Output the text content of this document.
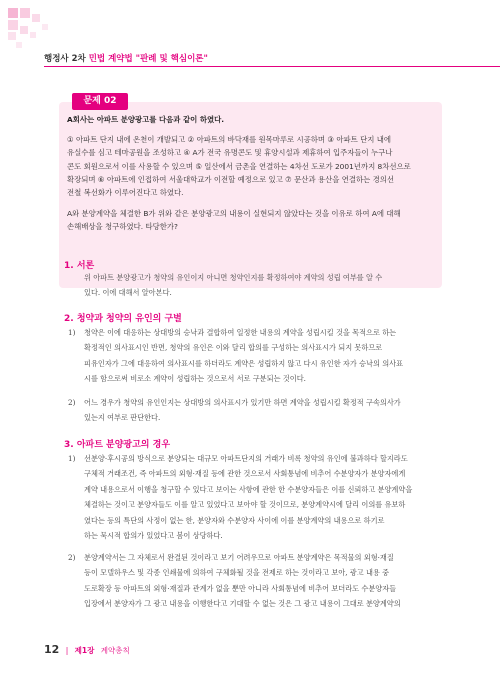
행정사 2차 민법 계약법 "판례 및 핵심이론"
문제 02
A회사는 아파트 분양광고를 다음과 같이 하였다.
① 아파트 단지 내에 온천이 개발되고 ② 아파트의 바닥재를 원목마루로 시공하며 ③ 아파트 단지 내에
유실수를 심고 테마공원을 조성하고 ④ A가 전국 유명콘도 및 휴양시설과 제휴하여 입주자들이 누구나
콘도 회원으로서 이를 사용할 수 있으며 ⑤ 일산에서 금촌을 연결하는 4차선 도로가 2001년까지 8차선으로
확장되며 ⑥ 아파트에 인접하여 서울대학교가 이전할 예정으로 있고 ⑦ 문산과 용산을 연결하는 경의선
전철 복선화가 이루어진다고 하였다.
A와 분양계약을 체결한 B가 위와 같은 분양광고의 내용이 실현되지 않았다는 것을 이유로 하여 A에 대해
손해배상을 청구하였다. 타당한가?
1. 서론
위 아파트 분양광고가 청약의 유인이지 아니면 청약인지를 확정하여야 계약의 성립 여부를 알 수
있다. 이에 대해서 알아본다.
2. 청약과 청약의 유인의 구별
1) 청약은 이에 대응하는 상대방의 승낙과 결합하여 일정한 내용의 계약을 성립시킬 것을 목적으로 하는
확정적인 의사표시인 반면, 청약의 유인은 이와 달리 합의를 구성하는 의사표시가 되지 못하므로
피유인자가 그에 대응하여 의사표시를 하더라도 계약은 성립하지 않고 다시 유인한 자가 승낙의 의사표
시를 함으로써 비로소 계약이 성립하는 것으로서 서로 구분되는 것이다.
2) 어느 경우가 청약의 유인인지는 상대방의 의사표시가 있기만 하면 계약을 성립시킬 확정적 구속의사가
있는지 여부로 판단한다.
3. 아파트 분양광고의 경우
1) 선분양·후시공의 방식으로 분양되는 대규모 아파트단지의 거래가 비록 청약의 유인에 불과하다 할지라도
구체적 거래조건, 즉 아파트의 외형·재질 등에 관한 것으로서 사회통념에 비추어 수분양자가 분양자에게
계약 내용으로서 이행을 청구할 수 있다고 보이는 사항에 관한 한 수분양자들은 이를 신뢰하고 분양계약을
체결하는 것이고 분양자들도 이를 알고 있었다고 보아야 할 것이므로, 분양계약시에 달리 이의를 유보하
였다는 등의 특단의 사정이 없는 한, 분양자와 수분양자 사이에 이를 분양계약의 내용으로 하기로
하는 묵시적 합의가 있었다고 봄이 상당하다.
2) 분양계약서는 그 자체로서 완결된 것이라고 보기 어려우므로 아파트 분양계약은 목적물의 외형·재질
등이 모델하우스 및 각종 인쇄물에 의하여 구체화될 것을 전제로 하는 것이라고 보아, 광고 내용 중
도로확장 등 아파트의 외형·재질과 관계가 없을 뿐만 아니라 사회통념에 비추어 보더라도 수분양자들
입장에서 분양자가 그 광고 내용을 이행한다고 기대할 수 없는 것은 그 광고 내용이 그대로 분양계약의
12 | 제1장 계약총칙
